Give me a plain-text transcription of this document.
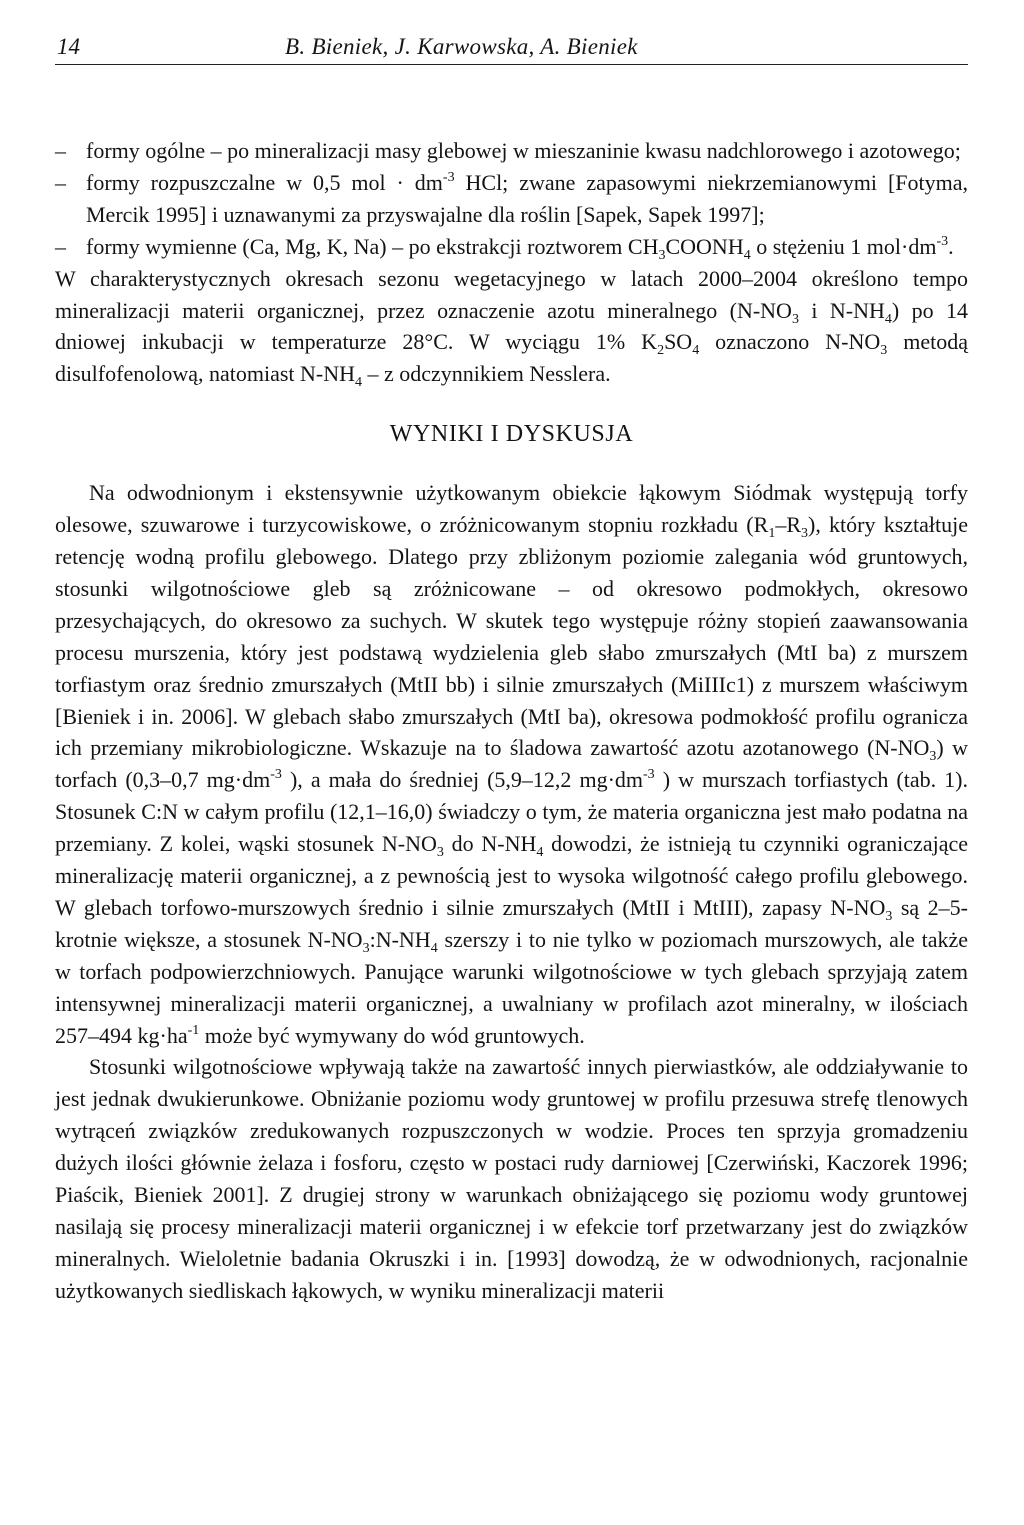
14	B. Bieniek, J. Karwowska, A. Bieniek
– formy ogólne – po mineralizacji masy glebowej w mieszaninie kwasu nadchlorowego i azotowego;
– formy rozpuszczalne w 0,5 mol · $dm^{-3}$ HCl; zwane zapasowymi niekrzemianowymi [Fotyma, Mercik 1995] i uznawanymi za przyswajalne dla roślin [Sapek, Sapek 1997];
– formy wymienne (Ca, Mg, K, Na) – po ekstrakcji roztworem $CH_3COONH_4$ o stężeniu 1 $mol\cdot dm^{-3}$.
W charakterystycznych okresach sezonu wegetacyjnego w latach 2000–2004 określono tempo mineralizacji materii organicznej, przez oznaczenie azotu mineralnego ($N-NO_3$ i $N-NH_4$) po 14 dniowej inkubacji w temperaturze 28°C. W wyciągu 1% $K_2SO_4$ oznaczono $N-NO_3$ metodą disulfofenolową, natomiast $N-NH_4$ – z odczynnikiem Nesslera.
WYNIKI I DYSKUSJA
Na odwodnionym i ekstensywnie użytkowanym obiekcie łąkowym Siódmak występują torfy olesowe, szuwarowe i turzycowiskowe, o zróżnicowanym stopniu rozkładu $(R_1-R_3)$, który kształtuje retencję wodną profilu glebowego. Dlatego przy zbliżonym poziomie zalegania wód gruntowych, stosunki wilgotnościowe gleb są zróżnicowane – od okresowo podmokłych, okresowo przesychających, do okresowo za suchych. W skutek tego występuje różny stopień zaawansowania procesu murszenia, który jest podstawą wydzielenia gleb słabo zmurszałych (MtI ba) z murszem torfiastym oraz średnio zmurszałych (MtII bb) i silnie zmurszałych (MiIIIc1) z murszem właściwym [Bieniek i in. 2006]. W glebach słabo zmurszałych (MtI ba), okresowa podmokłość profilu ogranicza ich przemiany mikrobiologiczne. Wskazuje na to śladowa zawartość azotu azotanowego $(N-NO_3)$ w torfach (0,3–0,7 $mg\cdot dm^{-3}$ ), a mała do średniej (5,9–12,2 $mg\cdot dm^{-3}$ ) w murszach torfiastych (tab. 1). Stosunek C:N w całym profilu (12,1–16,0) świadczy o tym, że materia organiczna jest mało podatna na przemiany. Z kolei, wąski stosunek $N-NO_3$ do $N-NH_4$ dowodzi, że istnieją tu czynniki ograniczające mineralizację materii organicznej, a z pewnością jest to wysoka wilgotność całego profilu glebowego. W glebach torfowo-murszowych średnio i silnie zmurszałych (MtII i MtIII), zapasy $N-NO_3$ są 2–5-krotnie większe, a stosunek $N-NO_3:N-NH_4$ szerszy i to nie tylko w poziomach murszowych, ale także w torfach podpowierzchniowych. Panujące warunki wilgotnościowe w tych glebach sprzyjają zatem intensywnej mineralizacji materii organicznej, a uwalniany w profilach azot mineralny, w ilościach 257–494 $kg\cdot ha^{-1}$ może być wymywany do wód gruntowych.
Stosunki wilgotnościowe wpływają także na zawartość innych pierwiastków, ale oddziaływanie to jest jednak dwukierunkowe. Obniżanie poziomu wody gruntowej w profilu przesuwa strefę tlenowych wytrąceń związków zredukowanych rozpuszczonych w wodzie. Proces ten sprzyja gromadzeniu dużych ilości głównie żelaza i fosforu, często w postaci rudy darniowej [Czerwiński, Kaczorek 1996; Piaścik, Bieniek 2001]. Z drugiej strony w warunkach obniżającego się poziomu wody gruntowej nasilają się procesy mineralizacji materii organicznej i w efekcie torf przetwarzany jest do związków mineralnych. Wieloletnie badania Okruszki i in. [1993] dowodzą, że w odwodnionych, racjonalnie użytkowanych siedliskach łąkowych, w wyniku mineralizacji materii
